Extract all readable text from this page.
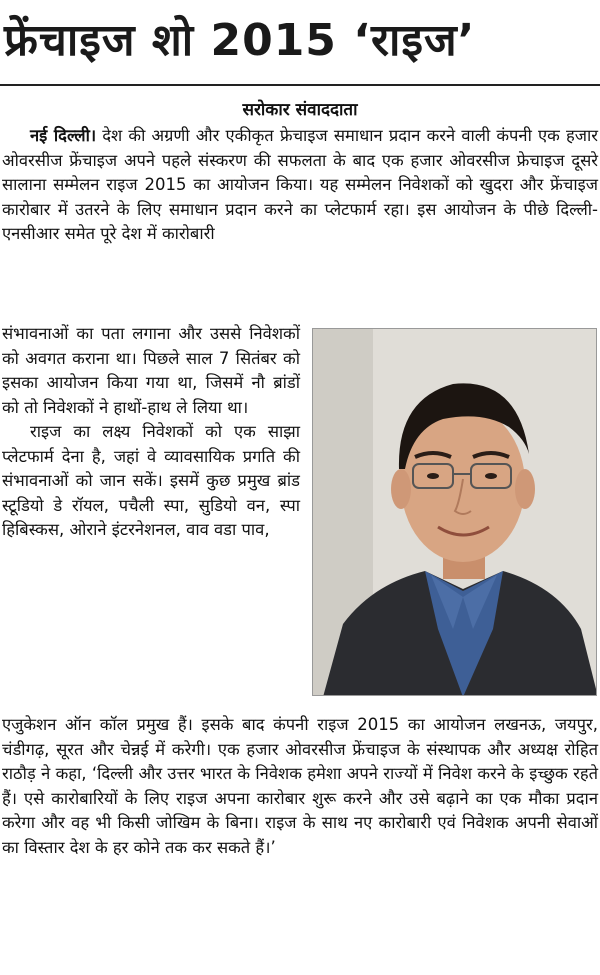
फ्रेंचाइज शो 2015 ‘राइज’
सरोकार संवाददाता
नई दिल्ली। देश की अग्रणी और एकीकृत फ्रेचाइज समाधान प्रदान करने वाली कंपनी एक हजार ओवरसीज फ्रेंचाइज अपने पहले संस्करण की सफलता के बाद एक हजार ओवरसीज फ्रेचाइज दूसरे सालाना सम्मेलन राइज 2015 का आयोजन किया। यह सम्मेलन निवेशकों को खुदरा और फ्रेंचाइज कारोबार में उतरने के लिए समाधान प्रदान करने का प्लेटफार्म रहा। इस आयोजन के पीछे दिल्ली-एनसीआर समेत पूरे देश में कारोबारी
संभावनाओं का पता लगाना और उससे निवेशकों को अवगत कराना था। पिछले साल 7 सितंबर को इसका आयोजन किया गया था, जिसमें नौ ब्रांडों को तो निवेशकों ने हाथों-हाथ ले लिया था।
राइज का लक्ष्य निवेशकों को एक साझा प्लेटफार्म देना है, जहां वे व्यावसायिक प्रगति की संभावनाओं को जान सकें। इसमें कुछ प्रमुख ब्रांड स्टूडियो डे रॉयल, पचैली स्पा, सुडियो वन, स्पा हिबिस्कस, ओराने इंटरनेशनल, वाव वडा पाव,
एजुकेशन ऑन कॉल प्रमुख हैं। इसके बाद कंपनी राइज 2015 का आयोजन लखनऊ, जयपुर, चंडीगढ़, सूरत और चेन्नई में करेगी। एक हजार ओवरसीज फ्रेंचाइज के संस्थापक और अध्यक्ष रोहित राठौड़ ने कहा, ‘दिल्ली और उत्तर भारत के निवेशक हमेशा अपने राज्यों में निवेश करने के इच्छुक रहते हैं। एसे कारोबारियों के लिए राइज अपना कारोबार शुरू करने और उसे बढ़ाने का एक मौका प्रदान करेगा और वह भी किसी जोखिम के बिना। राइज के साथ नए कारोबारी एवं निवेशक अपनी सेवाओं का विस्तार देश के हर कोने तक कर सकते हैं।’
